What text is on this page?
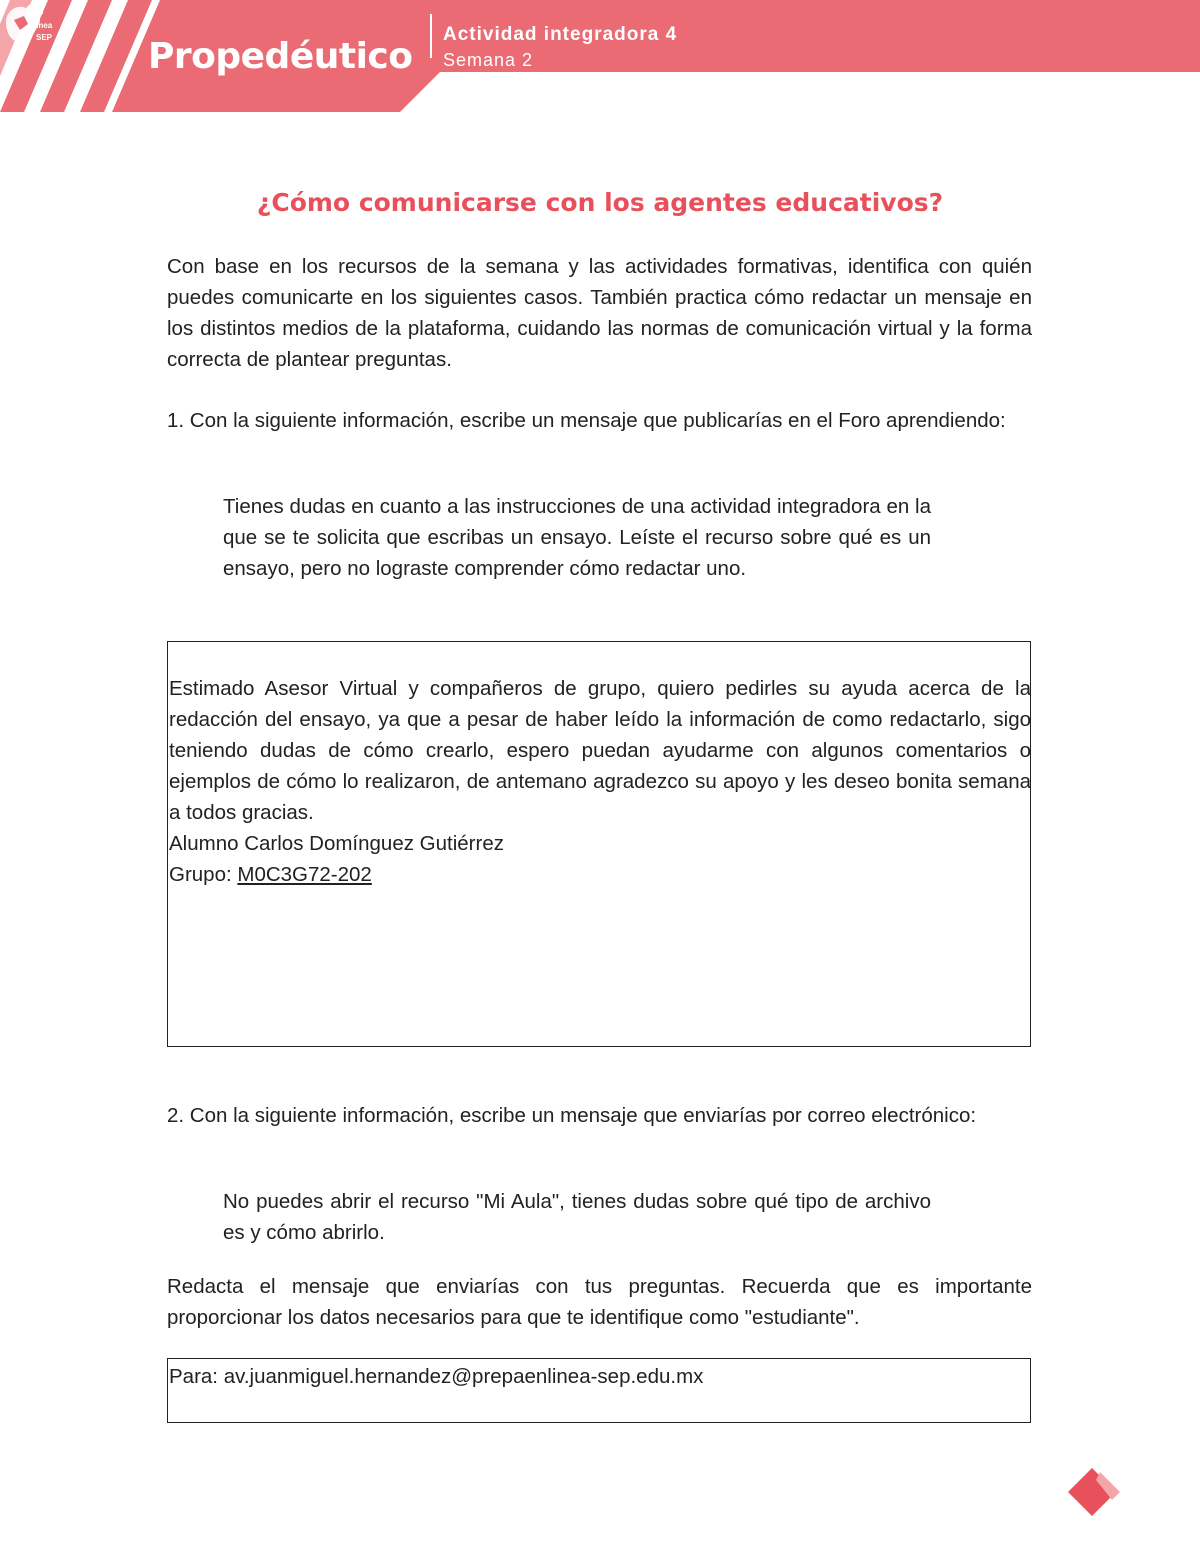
Propedéutico
Actividad integradora 4
Semana 2
en
línea
SEP
¿Cómo comunicarse con los agentes educativos?
Con base en los recursos de la semana y las actividades formativas, identifica con quién puedes comunicarte en los siguientes casos. También practica cómo redactar un mensaje en los distintos medios de la plataforma, cuidando las normas de comunicación virtual y la forma correcta de plantear preguntas.
1. Con la siguiente información, escribe un mensaje que publicarías en el Foro aprendiendo:
Tienes dudas en cuanto a las instrucciones de una actividad integradora en la que se te solicita que escribas un ensayo. Leíste el recurso sobre qué es un ensayo, pero no lograste comprender cómo redactar uno.
Estimado Asesor Virtual y compañeros de grupo, quiero pedirles su ayuda acerca de la redacción del ensayo, ya que a pesar de haber leído la información de como redactarlo, sigo teniendo dudas de cómo crearlo, espero puedan ayudarme con algunos comentarios o ejemplos de cómo lo realizaron, de antemano agradezco su apoyo y les deseo bonita semana a todos gracias.
Alumno Carlos Domínguez Gutiérrez
Grupo: M0C3G72-202
2. Con la siguiente información, escribe un mensaje que enviarías por correo electrónico:
No puedes abrir el recurso "Mi Aula", tienes dudas sobre qué tipo de archivo es y cómo abrirlo.
Redacta el mensaje que enviarías con tus preguntas. Recuerda que es importante proporcionar los datos necesarios para que te identifique como "estudiante".
Para: av.juanmiguel.hernandez@prepaenlinea-sep.edu.mx
